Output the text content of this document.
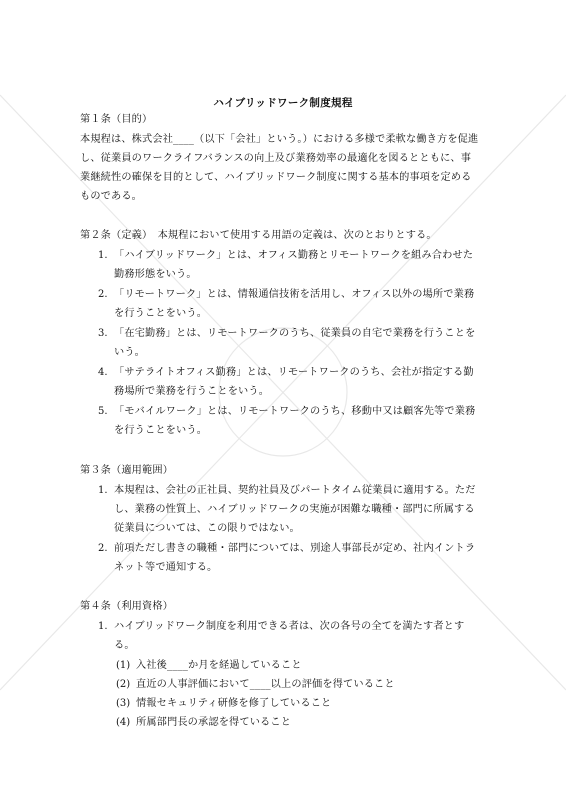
ハイブリッドワーク制度規程
第１条（目的）
本規程は、株式会社____（以下「会社」という。）における多様で柔軟な働き方を促進
し、従業員のワークライフバランスの向上及び業務効率の最適化を図るとともに、事
業継続性の確保を目的として、ハイブリッドワーク制度に関する基本的事項を定める
ものである。
第２条（定義）　本規程において使用する用語の定義は、次のとおりとする。
1. 「ハイブリッドワーク」とは、オフィス勤務とリモートワークを組み合わせた
勤務形態をいう。
2. 「リモートワーク」とは、情報通信技術を活用し、オフィス以外の場所で業務
を行うことをいう。
3. 「在宅勤務」とは、リモートワークのうち、従業員の自宅で業務を行うことを
いう。
4. 「サテライトオフィス勤務」とは、リモートワークのうち、会社が指定する勤
務場所で業務を行うことをいう。
5. 「モバイルワーク」とは、リモートワークのうち、移動中又は顧客先等で業務
を行うことをいう。
第３条（適用範囲）
1. 本規程は、会社の正社員、契約社員及びパートタイム従業員に適用する。ただ
し、業務の性質上、ハイブリッドワークの実施が困難な職種・部門に所属する
従業員については、この限りではない。
2. 前項ただし書きの職種・部門については、別途人事部長が定め、社内イントラ
ネット等で通知する。
第４条（利用資格）
1. ハイブリッドワーク制度を利用できる者は、次の各号の全てを満たす者とす
る。
(1) 入社後____か月を経過していること
(2) 直近の人事評価において____以上の評価を得ていること
(3) 情報セキュリティ研修を修了していること
(4) 所属部門長の承認を得ていること
